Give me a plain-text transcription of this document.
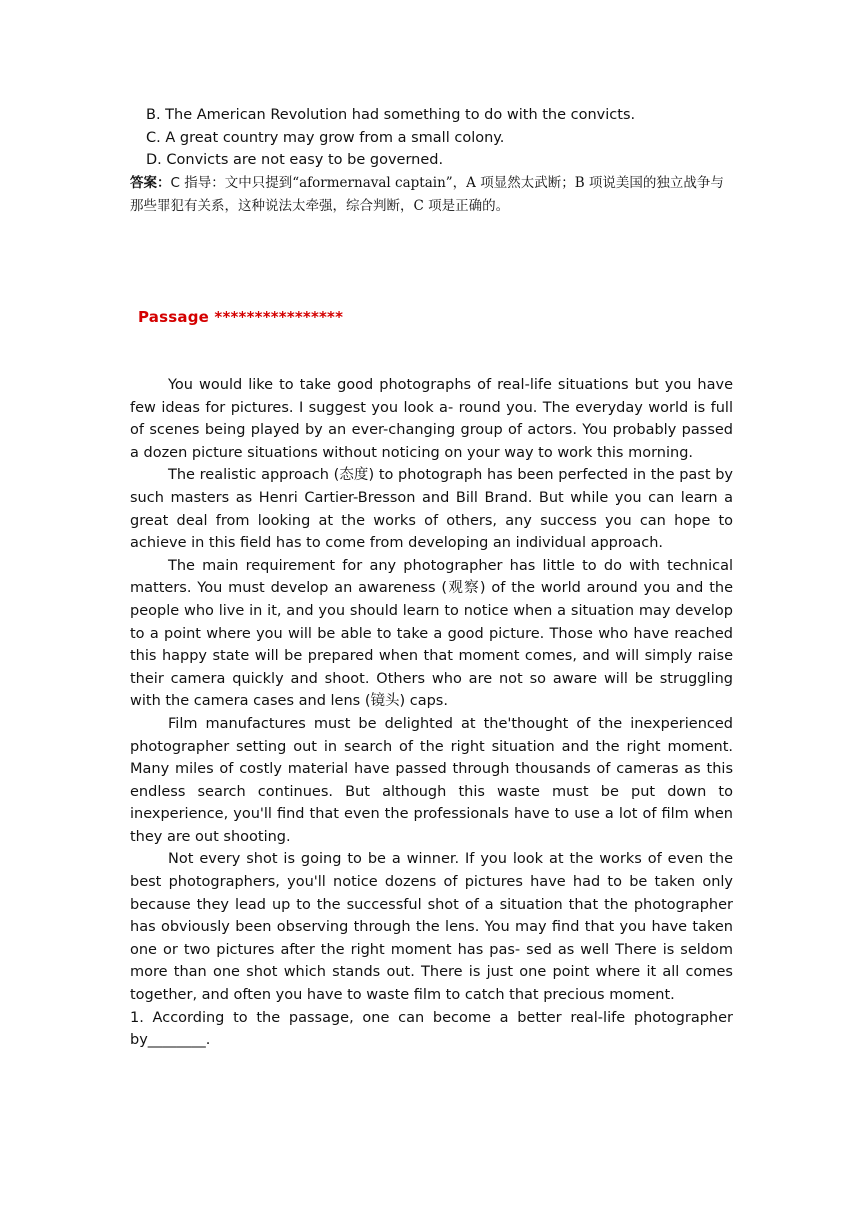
B. The American Revolution had something to do with the convicts.
C. A great country may grow from a small colony.
D. Convicts are not easy to be governed.
答案：C 指导：文中只提到“aformernaval captain”，A 项显然太武断；B 项说美国的独立战争与那些罪犯有关系，这种说法太牵强，综合判断，C 项是正确的。
Passage ****************

You would like to take good photographs of real-life situations but you have few ideas for pictures. I suggest you look a- round you. The everyday world is full of scenes being played by an ever-changing group of actors. You probably passed a dozen picture situations without noticing on your way to work this morning.

The realistic approach (态度) to photograph has been perfected in the past by such masters as Henri Cartier-Bresson and Bill Brand. But while you can learn a great deal from looking at the works of others, any success you can hope to achieve in this field has to come from developing an individual approach.

The main requirement for any photographer has little to do with technical matters. You must develop an awareness (观察) of the world around you and the people who live in it, and you should learn to notice when a situation may develop to a point where you will be able to take a good picture. Those who have reached this happy state will be prepared when that moment comes, and will simply raise their camera quickly and shoot. Others who are not so aware will be struggling with the camera cases and lens (镜头) caps.

Film manufactures must be delighted at the'thought of the inexperienced photographer setting out in search of the right situation and the right moment. Many miles of costly material have passed through thousands of cameras as this endless search continues. But although this waste must be put down to inexperience, you'll find that even the professionals have to use a lot of film when they are out shooting.

Not every shot is going to be a winner. If you look at the works of even the best photographers, you'll notice dozens of pictures have had to be taken only because they lead up to the successful shot of a situation that the photographer has obviously been observing through the lens. You may find that you have taken one or two pictures after the right moment has pas- sed as well There is seldom more than one shot which stands out. There is just one point where it all comes together, and often you have to waste film to catch that precious moment.

1. According to the passage, one can become a better real-life photographer by________.
